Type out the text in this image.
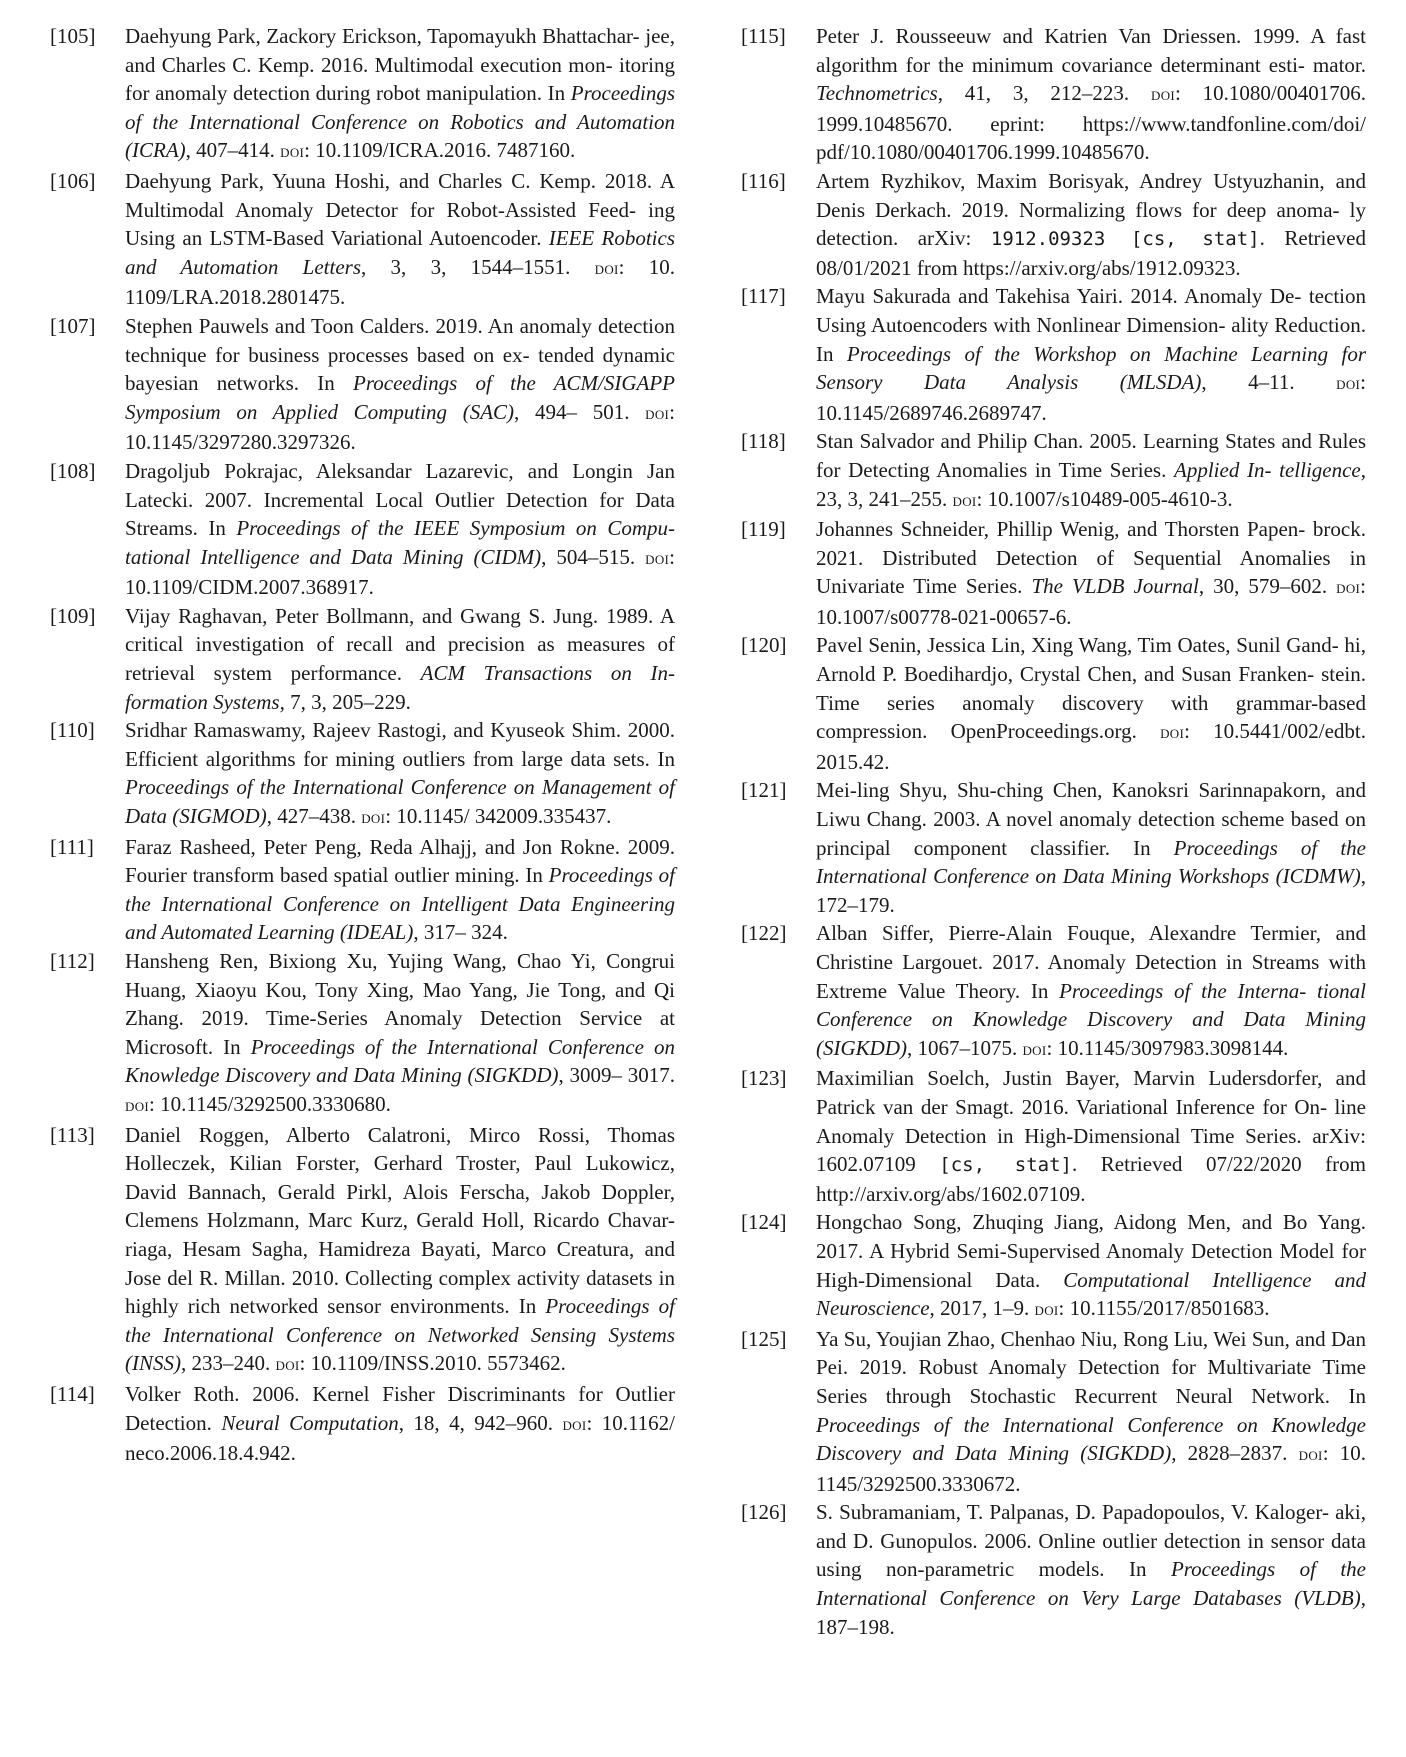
[105]	Daehyung Park, Zackory Erickson, Tapomayukh Bhattachar- jee, and Charles C. Kemp. 2016. Multimodal execution mon- itoring for anomaly detection during robot manipulation. In Proceedings of the International Conference on Robotics and Automation (ICRA), 407–414. doi: 10.1109/ICRA.2016. 7487160.
[106]	Daehyung Park, Yuuna Hoshi, and Charles C. Kemp. 2018. A Multimodal Anomaly Detector for Robot-Assisted Feed- ing Using an LSTM-Based Variational Autoencoder. IEEE Robotics and Automation Letters, 3, 3, 1544–1551. doi: 10. 1109/LRA.2018.2801475.
[107]	Stephen Pauwels and Toon Calders. 2019. An anomaly detection technique for business processes based on ex- tended dynamic bayesian networks. In Proceedings of the ACM/SIGAPP Symposium on Applied Computing (SAC), 494– 501. doi: 10.1145/3297280.3297326.
[108]	Dragoljub Pokrajac, Aleksandar Lazarevic, and Longin Jan Latecki. 2007. Incremental Local Outlier Detection for Data Streams. In Proceedings of the IEEE Symposium on Compu- tational Intelligence and Data Mining (CIDM), 504–515. doi: 10.1109/CIDM.2007.368917.
[109]	Vijay Raghavan, Peter Bollmann, and Gwang S. Jung. 1989. A critical investigation of recall and precision as measures of retrieval system performance. ACM Transactions on In- formation Systems, 7, 3, 205–229.
[110]	Sridhar Ramaswamy, Rajeev Rastogi, and Kyuseok Shim. 2000. Efficient algorithms for mining outliers from large data sets. In Proceedings of the International Conference on Management of Data (SIGMOD), 427–438. doi: 10.1145/ 342009.335437.
[111]	Faraz Rasheed, Peter Peng, Reda Alhajj, and Jon Rokne. 2009. Fourier transform based spatial outlier mining. In Proceedings of the International Conference on Intelligent Data Engineering and Automated Learning (IDEAL), 317– 324.
[112]	Hansheng Ren, Bixiong Xu, Yujing Wang, Chao Yi, Congrui Huang, Xiaoyu Kou, Tony Xing, Mao Yang, Jie Tong, and Qi Zhang. 2019. Time-Series Anomaly Detection Service at Microsoft. In Proceedings of the International Conference on Knowledge Discovery and Data Mining (SIGKDD), 3009– 3017. doi: 10.1145/3292500.3330680.
[113]	Daniel Roggen, Alberto Calatroni, Mirco Rossi, Thomas Holleczek, Kilian Forster, Gerhard Troster, Paul Lukowicz, David Bannach, Gerald Pirkl, Alois Ferscha, Jakob Doppler, Clemens Holzmann, Marc Kurz, Gerald Holl, Ricardo Chavar- riaga, Hesam Sagha, Hamidreza Bayati, Marco Creatura, and Jose del R. Millan. 2010. Collecting complex activity datasets in highly rich networked sensor environments. In Proceedings of the International Conference on Networked Sensing Systems (INSS), 233–240. doi: 10.1109/INSS.2010. 5573462.
[114]	Volker Roth. 2006. Kernel Fisher Discriminants for Outlier Detection. Neural Computation, 18, 4, 942–960. doi: 10.1162/ neco.2006.18.4.942.
[115]	Peter J. Rousseeuw and Katrien Van Driessen. 1999. A fast algorithm for the minimum covariance determinant esti- mator. Technometrics, 41, 3, 212–223. doi: 10.1080/00401706. 1999.10485670. eprint: https://www.tandfonline.com/doi/ pdf/10.1080/00401706.1999.10485670.
[116]	Artem Ryzhikov, Maxim Borisyak, Andrey Ustyuzhanin, and Denis Derkach. 2019. Normalizing flows for deep anoma- ly detection. arXiv: 1912.09323 [cs, stat]. Retrieved 08/01/2021 from https://arxiv.org/abs/1912.09323.
[117]	Mayu Sakurada and Takehisa Yairi. 2014. Anomaly De- tection Using Autoencoders with Nonlinear Dimension- ality Reduction. In Proceedings of the Workshop on Machine Learning for Sensory Data Analysis (MLSDA), 4–11. doi: 10.1145/2689746.2689747.
[118]	Stan Salvador and Philip Chan. 2005. Learning States and Rules for Detecting Anomalies in Time Series. Applied In- telligence, 23, 3, 241–255. doi: 10.1007/s10489-005-4610-3.
[119]	Johannes Schneider, Phillip Wenig, and Thorsten Papen- brock. 2021. Distributed Detection of Sequential Anomalies in Univariate Time Series. The VLDB Journal, 30, 579–602. doi: 10.1007/s00778-021-00657-6.
[120]	Pavel Senin, Jessica Lin, Xing Wang, Tim Oates, Sunil Gand- hi, Arnold P. Boedihardjo, Crystal Chen, and Susan Franken- stein. Time series anomaly discovery with grammar-based compression. OpenProceedings.org. doi: 10.5441/002/edbt. 2015.42.
[121]	Mei-ling Shyu, Shu-ching Chen, Kanoksri Sarinnapakorn, and Liwu Chang. 2003. A novel anomaly detection scheme based on principal component classifier. In Proceedings of the International Conference on Data Mining Workshops (ICDMW), 172–179.
[122]	Alban Siffer, Pierre-Alain Fouque, Alexandre Termier, and Christine Largouet. 2017. Anomaly Detection in Streams with Extreme Value Theory. In Proceedings of the Interna- tional Conference on Knowledge Discovery and Data Mining (SIGKDD), 1067–1075. doi: 10.1145/3097983.3098144.
[123]	Maximilian Soelch, Justin Bayer, Marvin Ludersdorfer, and Patrick van der Smagt. 2016. Variational Inference for On- line Anomaly Detection in High-Dimensional Time Series. arXiv: 1602.07109 [cs, stat]. Retrieved 07/22/2020 from http://arxiv.org/abs/1602.07109.
[124]	Hongchao Song, Zhuqing Jiang, Aidong Men, and Bo Yang. 2017. A Hybrid Semi-Supervised Anomaly Detection Model for High-Dimensional Data. Computational Intelligence and Neuroscience, 2017, 1–9. doi: 10.1155/2017/8501683.
[125]	Ya Su, Youjian Zhao, Chenhao Niu, Rong Liu, Wei Sun, and Dan Pei. 2019. Robust Anomaly Detection for Multivariate Time Series through Stochastic Recurrent Neural Network. In Proceedings of the International Conference on Knowledge Discovery and Data Mining (SIGKDD), 2828–2837. doi: 10. 1145/3292500.3330672.
[126]	S. Subramaniam, T. Palpanas, D. Papadopoulos, V. Kaloger- aki, and D. Gunopulos. 2006. Online outlier detection in sensor data using non-parametric models. In Proceedings of the International Conference on Very Large Databases (VLDB), 187–198.
